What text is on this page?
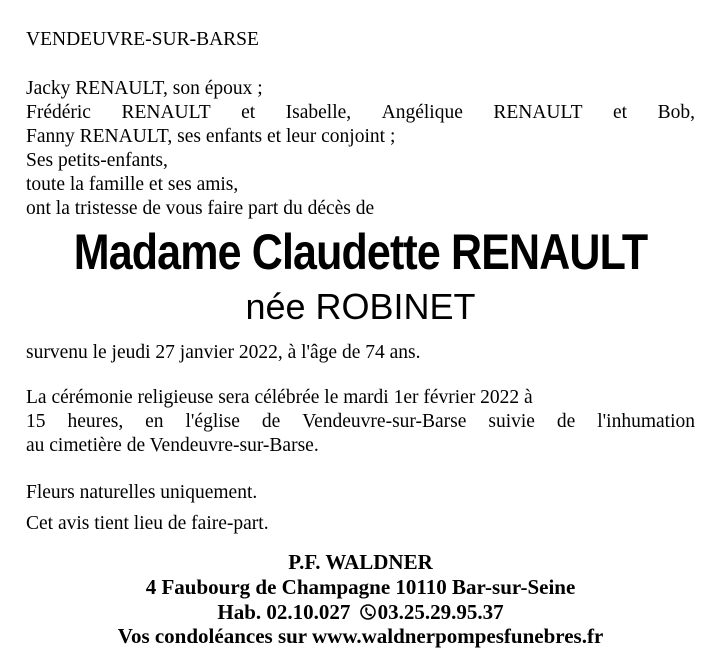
VENDEUVRE-SUR-BARSE
Jacky RENAULT, son époux ;
Frédéric RENAULT et Isabelle, Angélique RENAULT et Bob,
Fanny RENAULT, ses enfants et leur conjoint ;
Ses petits-enfants,
toute la famille et ses amis,
ont la tristesse de vous faire part du décès de
Madame Claudette RENAULT
née ROBINET
survenu le jeudi 27 janvier 2022, à l'âge de 74 ans.
La cérémonie religieuse sera célébrée le mardi 1er février 2022 à
15 heures, en l'église de Vendeuvre-sur-Barse suivie de l'inhumation
au cimetière de Vendeuvre-sur-Barse.
Fleurs naturelles uniquement.
Cet avis tient lieu de faire-part.
P.F. WALDNER
4 Faubourg de Champagne 10110 Bar-sur-Seine
Hab. 02.10.027 03.25.29.95.37
Vos condoléances sur www.waldnerpompesfunebres.fr
